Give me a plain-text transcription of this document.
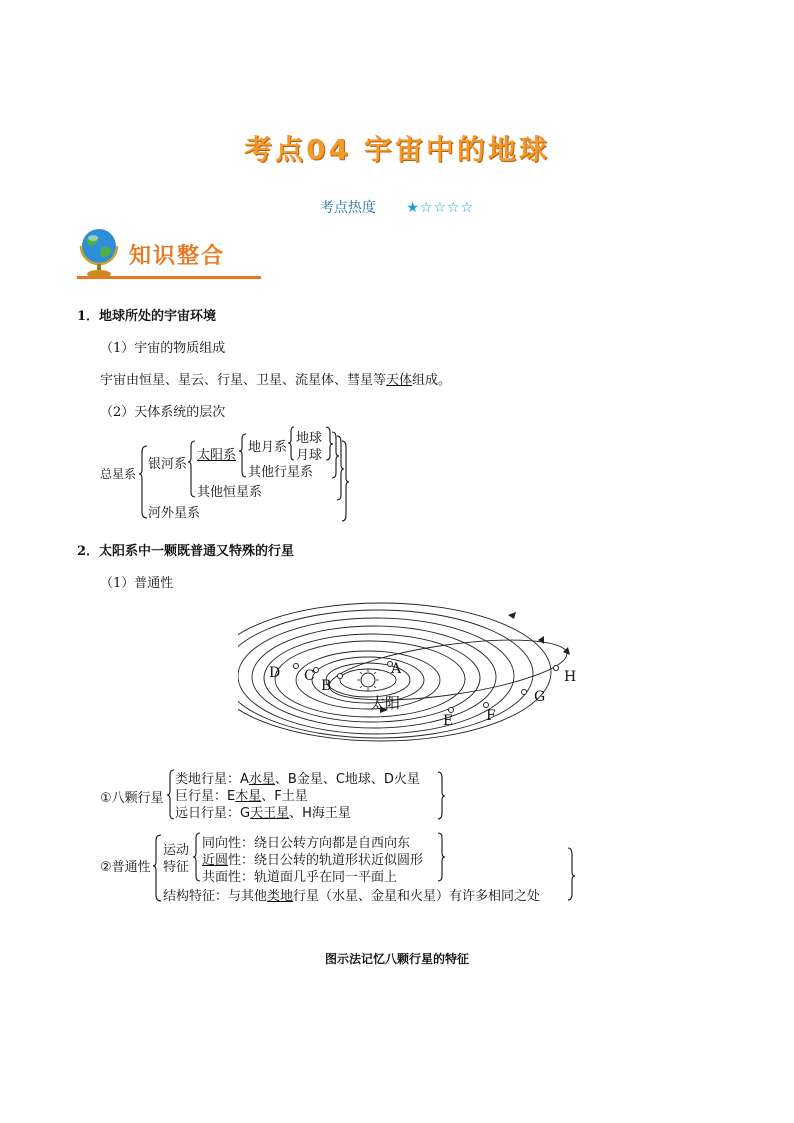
考点04 宇宙中的地球
考点热度 ★☆☆☆☆
知识整合
1．地球所处的宇宙环境
（1）宇宙的物质组成
宇宙由恒星、星云、行星、卫星、流星体、彗星等天体组成。
（2）天体系统的层次
总星系
银河系
太阳系
地月系
地球
月球
其他行星系
其他恒星系
河外星系
2．太阳系中一颗既普通又特殊的行星
（1）普通性
A
B
C
D
E F
G
H
太阳
①八颗行星
类地行星：A水星、B金星、C地球、D火星
巨行星：E木星、F土星
远日行星：G天王星、H海王星
②普通性
运动
特征
同向性：绕日公转方向都是自西向东
近圆性：绕日公转的轨道形状近似圆形
共面性：轨道面几乎在同一平面上
结构特征：与其他类地行星（水星、金星和火星）有许多相同之处
图示法记忆八颗行星的特征
